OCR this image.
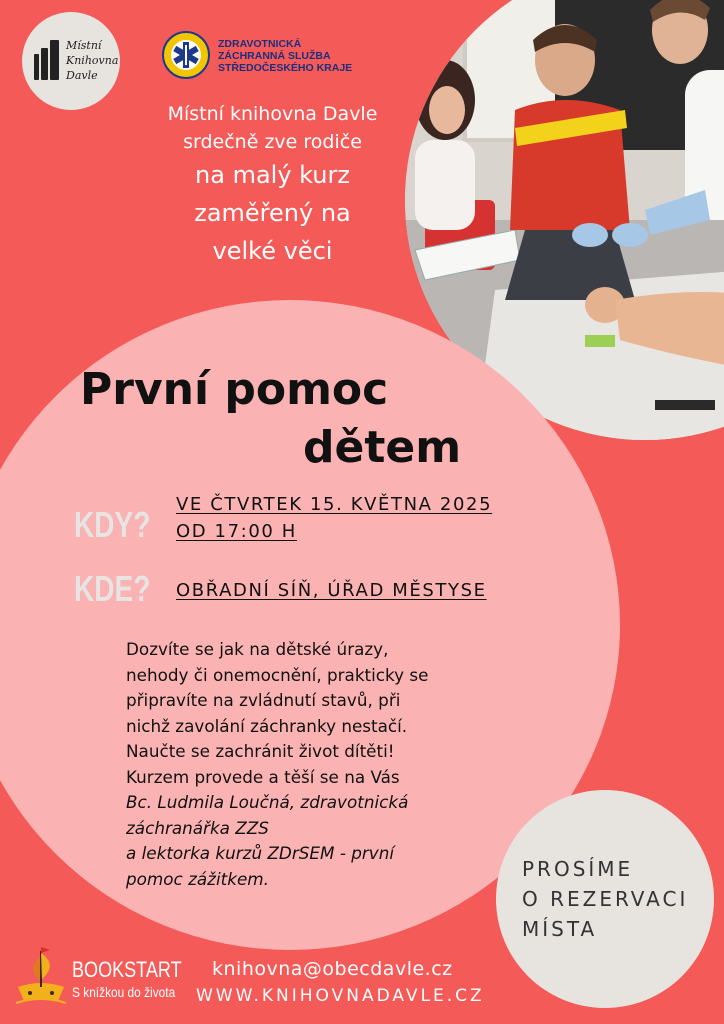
Místní
Knihovna
Davle
ZDRAVOTNICKÁ
ZÁCHRANNÁ SLUŽBA
STŘEDOČESKÉHO KRAJE
Místní knihovna Davle
srdečně zve rodiče
na malý kurz
zaměřený na
velké věci
První pomoc
dětem
KDY? VE ČTVRTEK 15. KVĚTNA 2025
OD 17:00 H
KDE? OBŘADNÍ SÍŇ, ÚŘAD MĚSTYSE
Dozvíte se jak na dětské úrazy,
nehody či onemocnění, prakticky se
připravíte na zvládnutí stavů, při
nichž zavolání záchranky nestačí.
Naučte se zachránit život dítěti!
Kurzem provede a těší se na Vás
Bc. Ludmila Loučná, zdravotnická
záchranářka ZZS
a lektorka kurzů ZDrSEM - první
pomoc zážitkem.	PROSÍME
O REZERVACI
MÍSTA
BOOKSTART
S knížkou do života
knihovna@obecdavle.cz
WWW.KNIHOVNADAVLE.CZ
